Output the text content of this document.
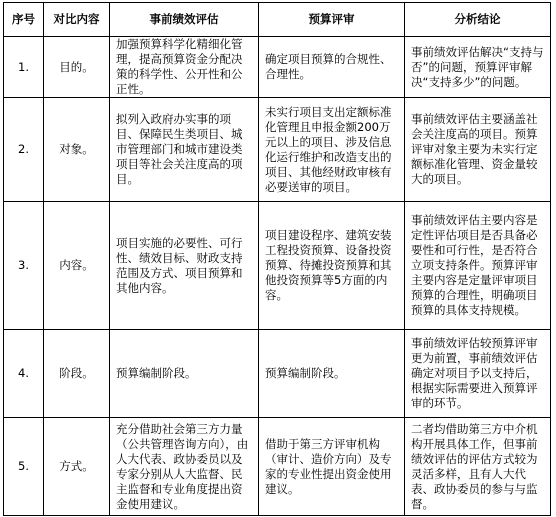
序号	对比内容	事前绩效评估	预算评审	分析结论
1.	目的。	加强预算科学化精细化管理，提高预算资金分配决策的科学性、公开性和公正性。	确定项目预算的合规性、合理性。	事前绩效评估解决“支持与否”的问题，预算评审解决“支持多少”的问题。
2.	对象。	拟列入政府办实事的项目、保障民生类项目、城市管理部门和城市建设类项目等社会关注度高的项目。	未实行项目支出定额标准化管理且申报金额200万元以上的项目、涉及信息化运行维护和改造支出的项目、其他经财政审核有必要送审的项目。	事前绩效评估主要涵盖社会关注度高的项目。预算评审对象主要为未实行定额标准化管理、资金量较大的项目。
3.	内容。	项目实施的必要性、可行性、绩效目标、财政支持范围及方式、项目预算和其他内容。	项目建设程序、建筑安装工程投资预算、设备投资预算、待摊投资预算和其他投资预算等5方面的内容。	事前绩效评估主要内容是定性评估项目是否具备必要性和可行性，是否符合立项支持条件。预算评审主要内容是定量评审项目预算的合理性，明确项目预算的具体支持规模。
4.	阶段。	预算编制阶段。	预算编制阶段。	事前绩效评估较预算评审更为前置，事前绩效评估确定对项目予以支持后，根据实际需要进入预算评审的环节。
5.	方式。	充分借助社会第三方力量（公共管理咨询方向），由人大代表、政协委员以及专家分别从人大监督、民主监督和专业角度提出资金使用建议。	借助于第三方评审机构（审计、造价方向）及专家的专业性提出资金使用建议。	二者均借助第三方中介机构开展具体工作，但事前绩效评估的评估方式较为灵活多样，且有人大代表、政协委员的参与与监督。
